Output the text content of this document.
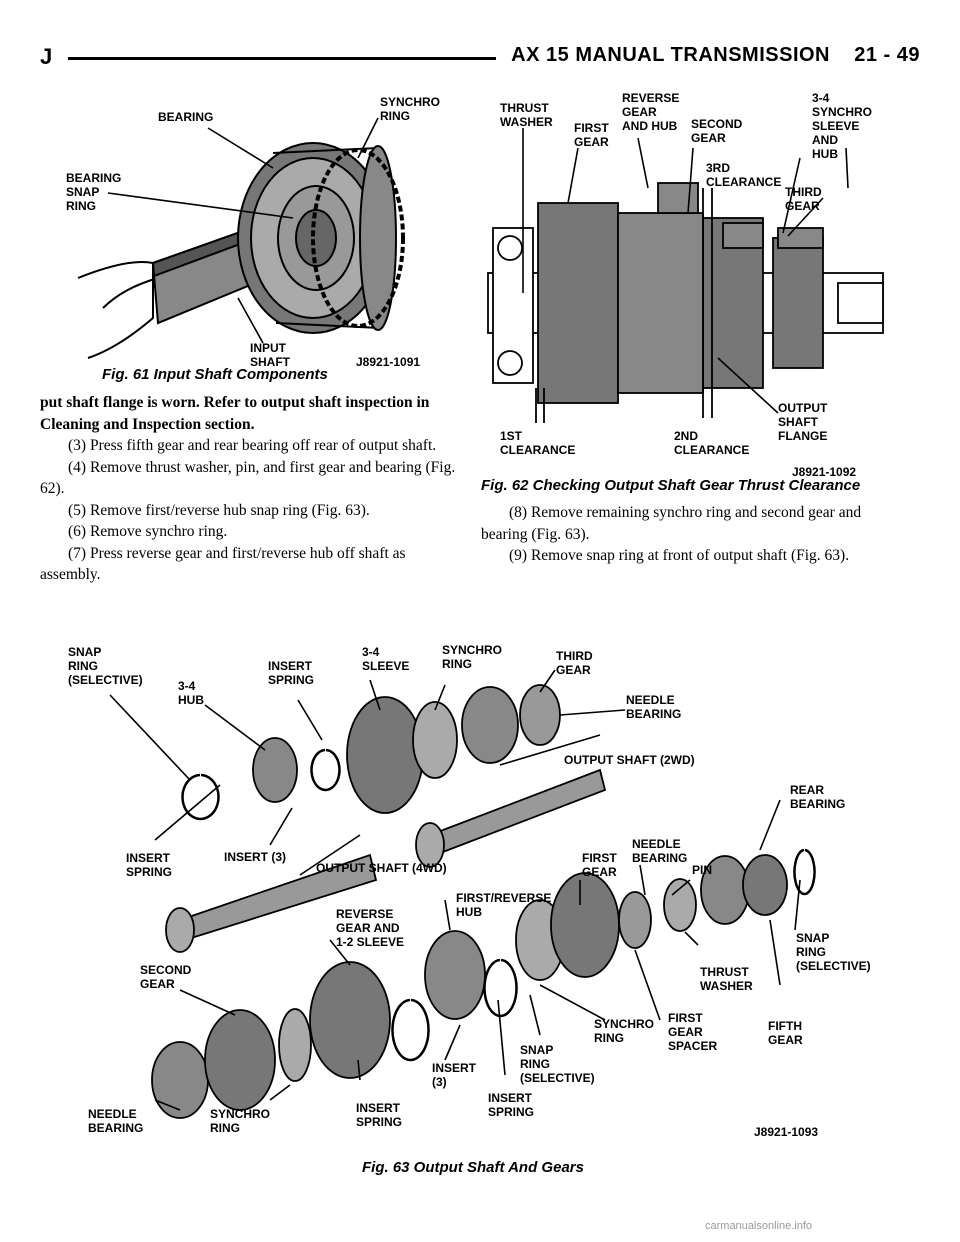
J	AX 15 MANUAL TRANSMISSION 21 - 49
BEARING
SYNCHRO
RING
BEARING
SNAP
RING
INPUT
SHAFT	J8921-1091
Fig. 61 Input Shaft Components
THRUST
WASHER FIRST
GEAR
REVERSE
GEAR
AND HUB SECOND
GEAR
3-4
SYNCHRO
SLEEVE
AND
HUB
3RD
CLEARANCE
THIRD
GEAR
OUTPUT
SHAFT
FLANGE
1ST
CLEARANCE
2ND
CLEARANCE
J8921-1092
Fig. 62 Checking Output Shaft Gear Thrust Clearance

put shaft flange is worn. Refer to output shaft inspection in Cleaning and Inspection section.

(3) Press fifth gear and rear bearing off rear of output shaft.

(4) Remove thrust washer, pin, and first gear and bearing (Fig. 62).

(5) Remove first/reverse hub snap ring (Fig. 63).

(6) Remove synchro ring.

(7) Press reverse gear and first/reverse hub off shaft as assembly.

(8) Remove remaining synchro ring and second gear and bearing (Fig. 63).

(9) Remove snap ring at front of output shaft (Fig. 63).

SNAP
RING
(SELECTIVE)	3-4
HUB
INSERT
SPRING
3-4
SLEEVE
SYNCHRO
RING
THIRD
GEAR
NEEDLE
BEARING
OUTPUT SHAFT (2WD)
OUTPUT SHAFT (4WD)
INSERT (3)
INSERT
SPRING
REAR
BEARING
FIRST
GEAR
NEEDLE
BEARING
PIN
FIRST/REVERSE
HUB
REVERSE
GEAR AND
1-2 SLEEVE
SECOND
GEAR
THRUST
WASHER
SNAP
RING
(SELECTIVE)
SYNCHRO
RING
FIRST
GEAR
SPACER
FIFTH
GEAR
SNAP
RING
(SELECTIVE)
INSERT
(3)
INSERT
SPRING
NEEDLE
BEARING
SYNCHRO
RING
INSERT
SPRING
J8921-1093
Fig. 63 Output Shaft And Gears
carmanualsonline.info
